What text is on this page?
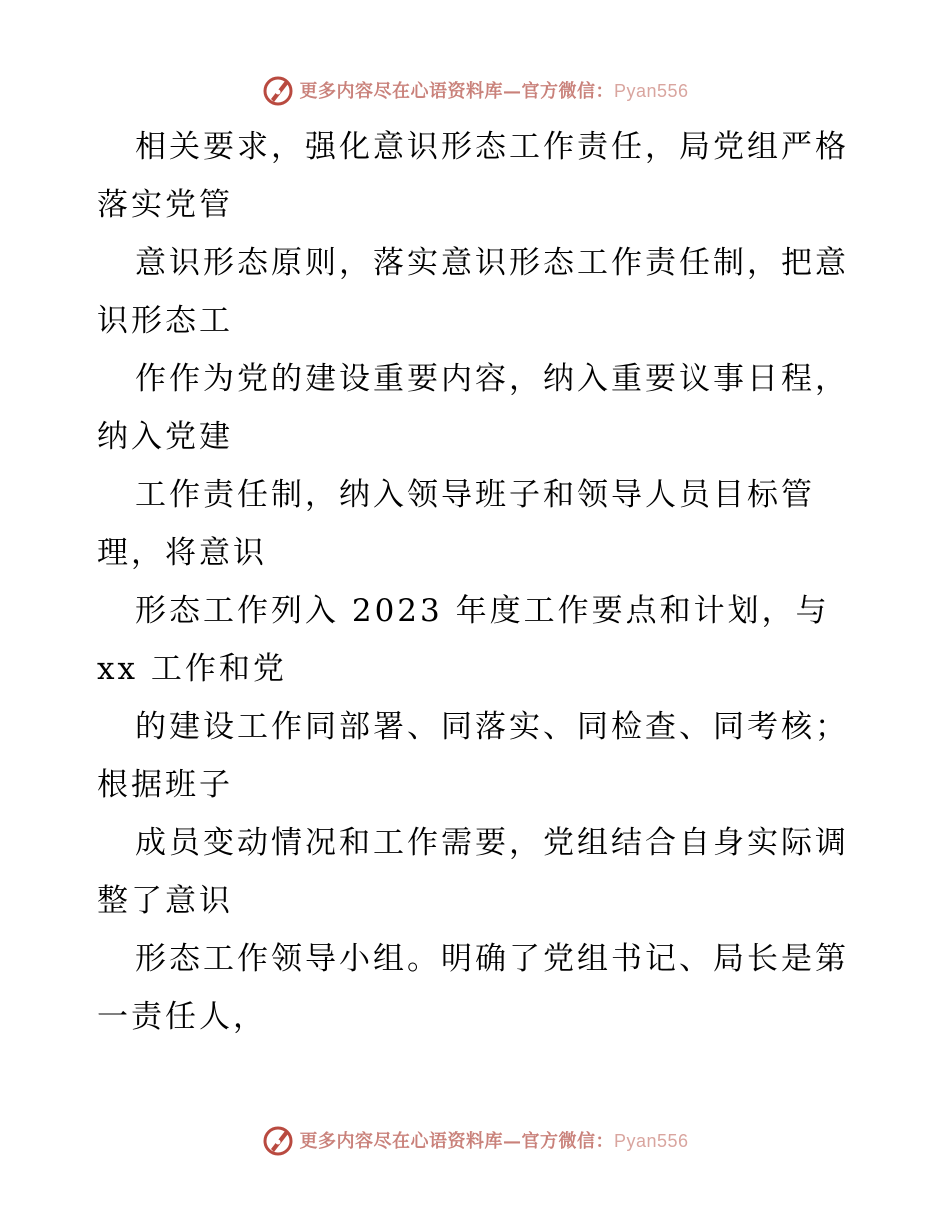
更多内容尽在心语资料库—官方微信：Pyan556
相关要求，强化意识形态工作责任，局党组严格
落实党管
意识形态原则，落实意识形态工作责任制，把意
识形态工
作作为党的建设重要内容，纳入重要议事日程，
纳入党建
工作责任制，纳入领导班子和领导人员目标管
理，将意识
形态工作列入 2023 年度工作要点和计划，与
xx 工作和党
的建设工作同部署、同落实、同检查、同考核；
根据班子
成员变动情况和工作需要，党组结合自身实际调
整了意识
形态工作领导小组。明确了党组书记、局长是第
一责任人，
更多内容尽在心语资料库—官方微信：Pyan556
